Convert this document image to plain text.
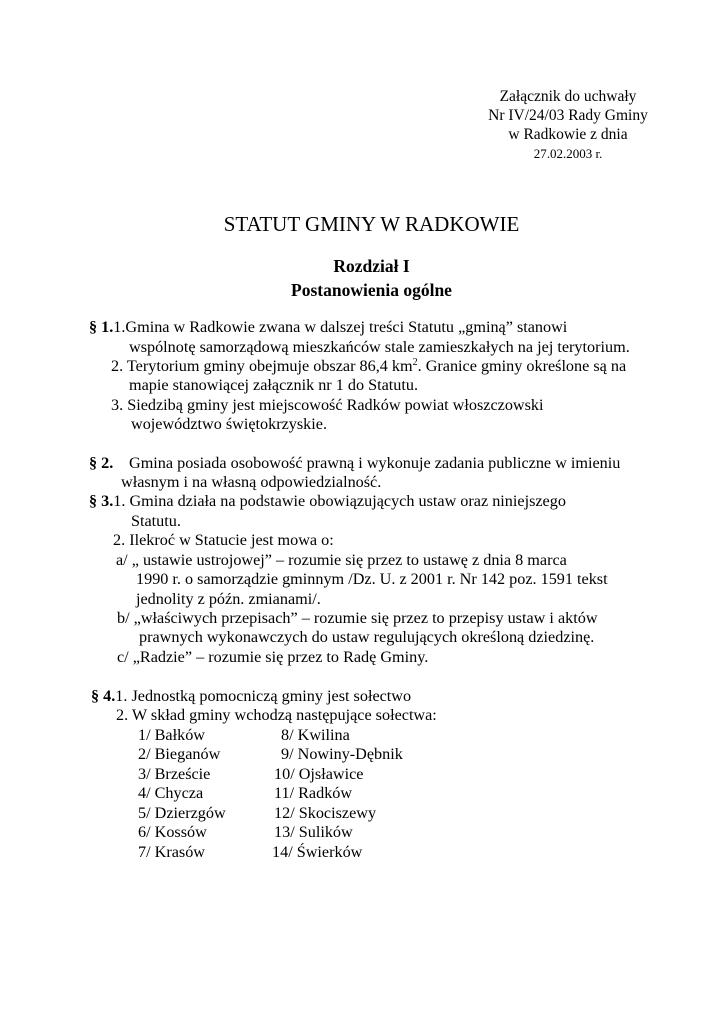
Załącznik do uchwały
Nr IV/24/03 Rady Gminy
w Radkowie z dnia
27.02.2003 r.
STATUT GMINY W RADKOWIE
Rozdział I
Postanowienia ogólne
§ 1.1.Gmina w Radkowie zwana w dalszej treści Statutu „gminą” stanowi
wspólnotę samorządową mieszkańców stale zamieszkałych na jej terytorium.
2. Terytorium gminy obejmuje obszar 86,4 $km^2$. Granice gminy określone są na
mapie stanowiącej załącznik nr 1 do Statutu.
3. Siedzibą gminy jest miejscowość Radków powiat włoszczowski
województwo świętokrzyskie.
§ 2. Gmina posiada osobowość prawną i wykonuje zadania publiczne w imieniu
własnym i na własną odpowiedzialność.
§ 3.1. Gmina działa na podstawie obowiązujących ustaw oraz niniejszego
Statutu.
2. Ilekroć w Statucie jest mowa o:
a/ „ ustawie ustrojowej” – rozumie się przez to ustawę z dnia 8 marca
1990 r. o samorządzie gminnym /Dz. U. z 2001 r. Nr 142 poz. 1591 tekst
jednolity z późn. zmianami/.
b/ „właściwych przepisach” – rozumie się przez to przepisy ustaw i aktów
prawnych wykonawczych do ustaw regulujących określoną dziedzinę.
c/ „Radzie” – rozumie się przez to Radę Gminy.
§ 4.1. Jednostką pomocniczą gminy jest sołectwo
2. W skład gminy wchodzą następujące sołectwa:
1/ Bałków
2/ Bieganów
3/ Brzeście
4/ Chycza
5/ Dzierzgów
6/ Kossów
7/ Krasów
8/ Kwilina
9/ Nowiny-Dębnik
10/ Ojsławice
11/ Radków
12/ Skociszewy
13/ Sulików
14/ Świerków
